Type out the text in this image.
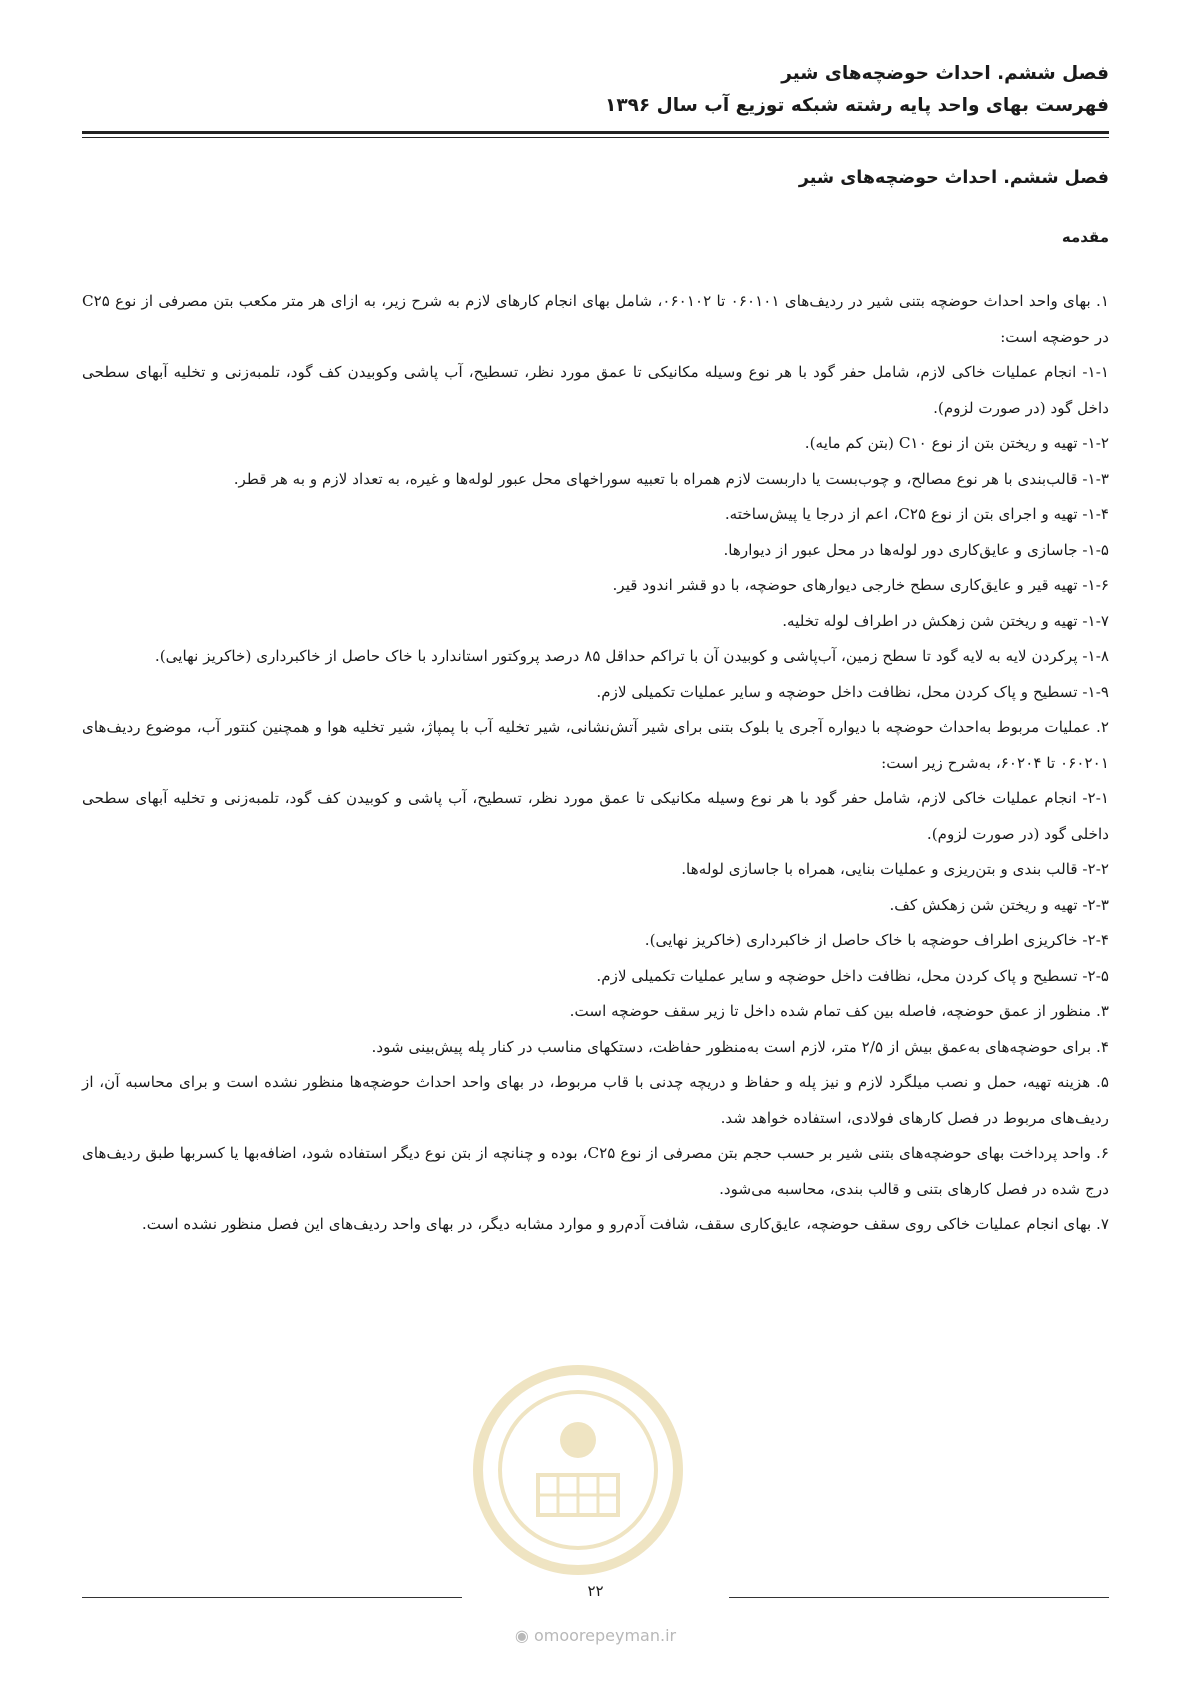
فصل ششم. احداث حوضچه‌های شیر

فهرست بهای واحد پایه رشته شبکه توزیع آب سال ۱۳۹۶

فصل ششم. احداث حوضچه‌های شیر
مقدمه

۱. بهای واحد احداث حوضچه بتنی شیر در ردیف‌های ۰۶۰۱۰۱ تا ۰۶۰۱۰۲، شامل بهای انجام کارهای لازم به شرح زیر، به ازای هر متر مکعب بتن مصرفی از نوع C۲۵ در حوضچه است:

۱-۱- انجام عملیات خاکی لازم، شامل حفر گود با هر نوع وسیله مکانیکی تا عمق مورد نظر، تسطیح، آب پاشی وکوبیدن کف گود، تلمبه‌زنی و تخلیه آبهای سطحی داخل گود (در صورت لزوم).

۱-۲- تهیه و ریختن بتن از نوع C۱۰ (بتن کم مایه).

۱-۳- قالب‌بندی با هر نوع مصالح، و چوب‌بست یا داربست لازم همراه با تعبیه سوراخهای محل عبور لوله‌ها و غیره، به تعداد لازم و به هر قطر.

۱-۴- تهیه و اجرای بتن از نوع C۲۵، اعم از درجا یا پیش‌ساخته.

۱-۵- جاسازی و عایق‌کاری دور لوله‌ها در محل عبور از دیوارها.

۱-۶- تهیه قیر و عایق‌کاری سطح خارجی دیوارهای حوضچه، با دو قشر اندود قیر.

۱-۷- تهیه و ریختن شن زهکش در اطراف لوله تخلیه.

۱-۸- پرکردن لایه به لایه گود تا سطح زمین، آب‌پاشی و کوبیدن آن با تراکم حداقل ۸۵ درصد پروکتور استاندارد با خاک حاصل از خاکبرداری (خاکریز نهایی).

۱-۹- تسطیح و پاک کردن محل، نظافت داخل حوضچه و سایر عملیات تکمیلی لازم.

۲. عملیات مربوط به‌احداث حوضچه با دیواره آجری یا بلوک بتنی برای شیر آتش‌نشانی، شیر تخلیه آب با پمپاژ، شیر تخلیه هوا و همچنین کنتور آب، موضوع ردیف‌های ۰۶۰۲۰۱ تا ۶۰۲۰۴، به‌شرح زیر است:

۲-۱- انجام عملیات خاکی لازم، شامل حفر گود با هر نوع وسیله مکانیکی تا عمق مورد نظر، تسطیح، آب پاشی و کوبیدن کف گود، تلمبه‌زنی و تخلیه آبهای سطحی داخلی گود (در صورت لزوم).

۲-۲- قالب بندی و بتن‌ریزی و عملیات بنایی، همراه با جاسازی لوله‌ها.

۲-۳- تهیه و ریختن شن زهکش کف.

۲-۴- خاکریزی اطراف حوضچه با خاک حاصل از خاکبرداری (خاکریز نهایی).

۲-۵- تسطیح و پاک کردن محل، نظافت داخل حوضچه و سایر عملیات تکمیلی لازم.

۳. منظور از عمق حوضچه، فاصله بین کف تمام شده داخل تا زیر سقف حوضچه است.

۴. برای حوضچه‌های به‌عمق بیش از ۲/۵ متر، لازم است به‌منظور حفاظت، دستکهای مناسب در کنار پله پیش‌بینی شود.

۵. هزینه تهیه، حمل و نصب میلگرد لازم و نیز پله و حفاظ و دریچه چدنی با قاب مربوط، در بهای واحد احداث حوضچه‌ها منظور نشده است و برای محاسبه آن، از ردیف‌های مربوط در فصل کارهای فولادی، استفاده خواهد شد.

۶. واحد پرداخت بهای حوضچه‌های بتنی شیر بر حسب حجم بتن مصرفی از نوع C۲۵، بوده و چنانچه از بتن نوع دیگر استفاده شود، اضافه‌بها یا کسربها طبق ردیف‌های درج شده در فصل کارهای بتنی و قالب بندی، محاسبه می‌شود.

۷. بهای انجام عملیات خاکی روی سقف حوضچه، عایق‌کاری سقف، شافت آدم‌رو و موارد مشابه دیگر، در بهای واحد ردیف‌های این فصل منظور نشده است.

۲۲
◉ omoorepeyman.ir
